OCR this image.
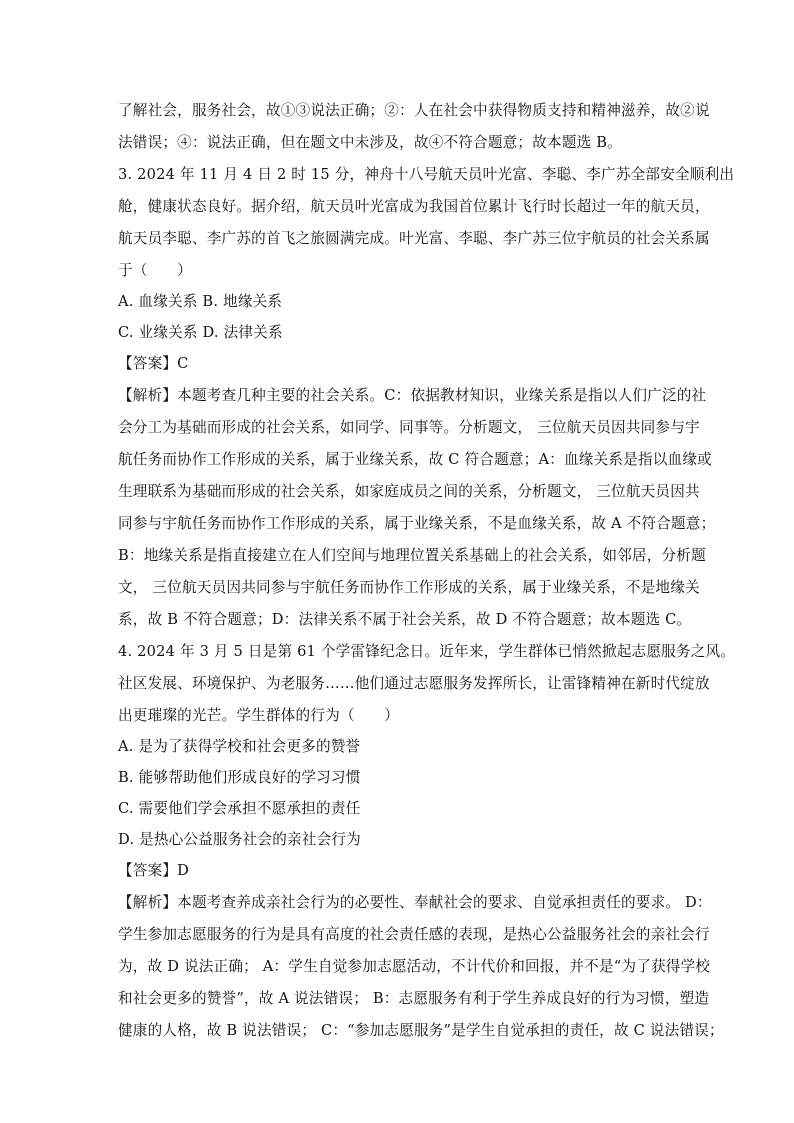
了解社会，服务社会，故①③说法正确；②：人在社会中获得物质支持和精神滋养，故②说
法错误；④：说法正确，但在题文中未涉及，故④不符合题意；故本题选 B。
3. 2024 年 11 月 4 日 2 时 15 分，神舟十八号航天员叶光富、李聪、李广苏全部安全顺利出
舱，健康状态良好。据介绍，航天员叶光富成为我国首位累计飞行时长超过一年的航天员，
航天员李聪、李广苏的首飞之旅圆满完成。叶光富、李聪、李广苏三位宇航员的社会关系属
于（　　）
A. 血缘关系 B. 地缘关系
C. 业缘关系 D. 法律关系
【答案】C
【解析】本题考查几种主要的社会关系。C：依据教材知识，业缘关系是指以人们广泛的社
会分工为基础而形成的社会关系，如同学、同事等。分析题文， 三位航天员因共同参与宇
航任务而协作工作形成的关系，属于业缘关系，故 C 符合题意；A：血缘关系是指以血缘或
生理联系为基础而形成的社会关系，如家庭成员之间的关系，分析题文， 三位航天员因共
同参与宇航任务而协作工作形成的关系，属于业缘关系，不是血缘关系，故 A 不符合题意；
B：地缘关系是指直接建立在人们空间与地理位置关系基础上的社会关系，如邻居，分析题
文， 三位航天员因共同参与宇航任务而协作工作形成的关系，属于业缘关系，不是地缘关
系，故 B 不符合题意；D：法律关系不属于社会关系，故 D 不符合题意；故本题选 C。
4. 2024 年 3 月 5 日是第 61 个学雷锋纪念日。近年来，学生群体已悄然掀起志愿服务之风。
社区发展、环境保护、为老服务……他们通过志愿服务发挥所长，让雷锋精神在新时代绽放
出更璀璨的光芒。学生群体的行为（　　）
A. 是为了获得学校和社会更多的赞誉
B. 能够帮助他们形成良好的学习习惯
C. 需要他们学会承担不愿承担的责任
D. 是热心公益服务社会的亲社会行为
【答案】D
【解析】本题考查养成亲社会行为的必要性、奉献社会的要求、自觉承担责任的要求。 D：
学生参加志愿服务的行为是具有高度的社会责任感的表现，是热心公益服务社会的亲社会行
为，故 D 说法正确； A：学生自觉参加志愿活动，不计代价和回报，并不是“为了获得学校
和社会更多的赞誉”，故 A 说法错误； B：志愿服务有利于学生养成良好的行为习惯，塑造
健康的人格，故 B 说法错误； C：“参加志愿服务”是学生自觉承担的责任，故 C 说法错误；
